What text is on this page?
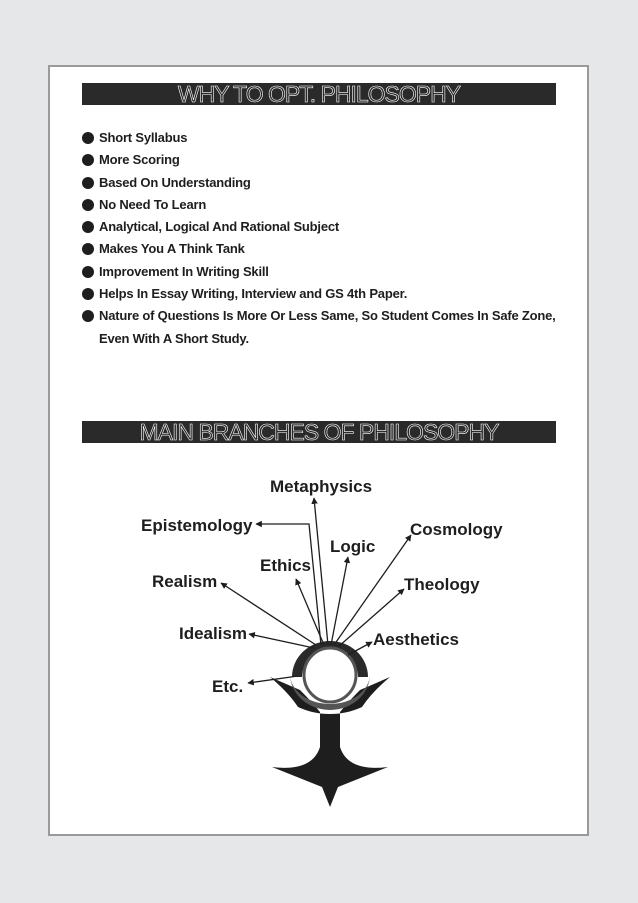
WHY TO OPT. PHILOSOPHY
Short Syllabus
More Scoring
Based On Understanding
No Need To Learn
Analytical, Logical And Rational Subject
Makes You A Think Tank
Improvement In Writing Skill
Helps In Essay Writing, Interview and GS 4th Paper.
Nature of Questions Is More Or Less Same, So Student Comes In Safe Zone, Even With A Short Study.
MAIN BRANCHES OF PHILOSOPHY
Metaphysics
Epistemology
Logic
Cosmology
Ethics
Realism	Theology
Idealism	Aesthetics
Etc.
